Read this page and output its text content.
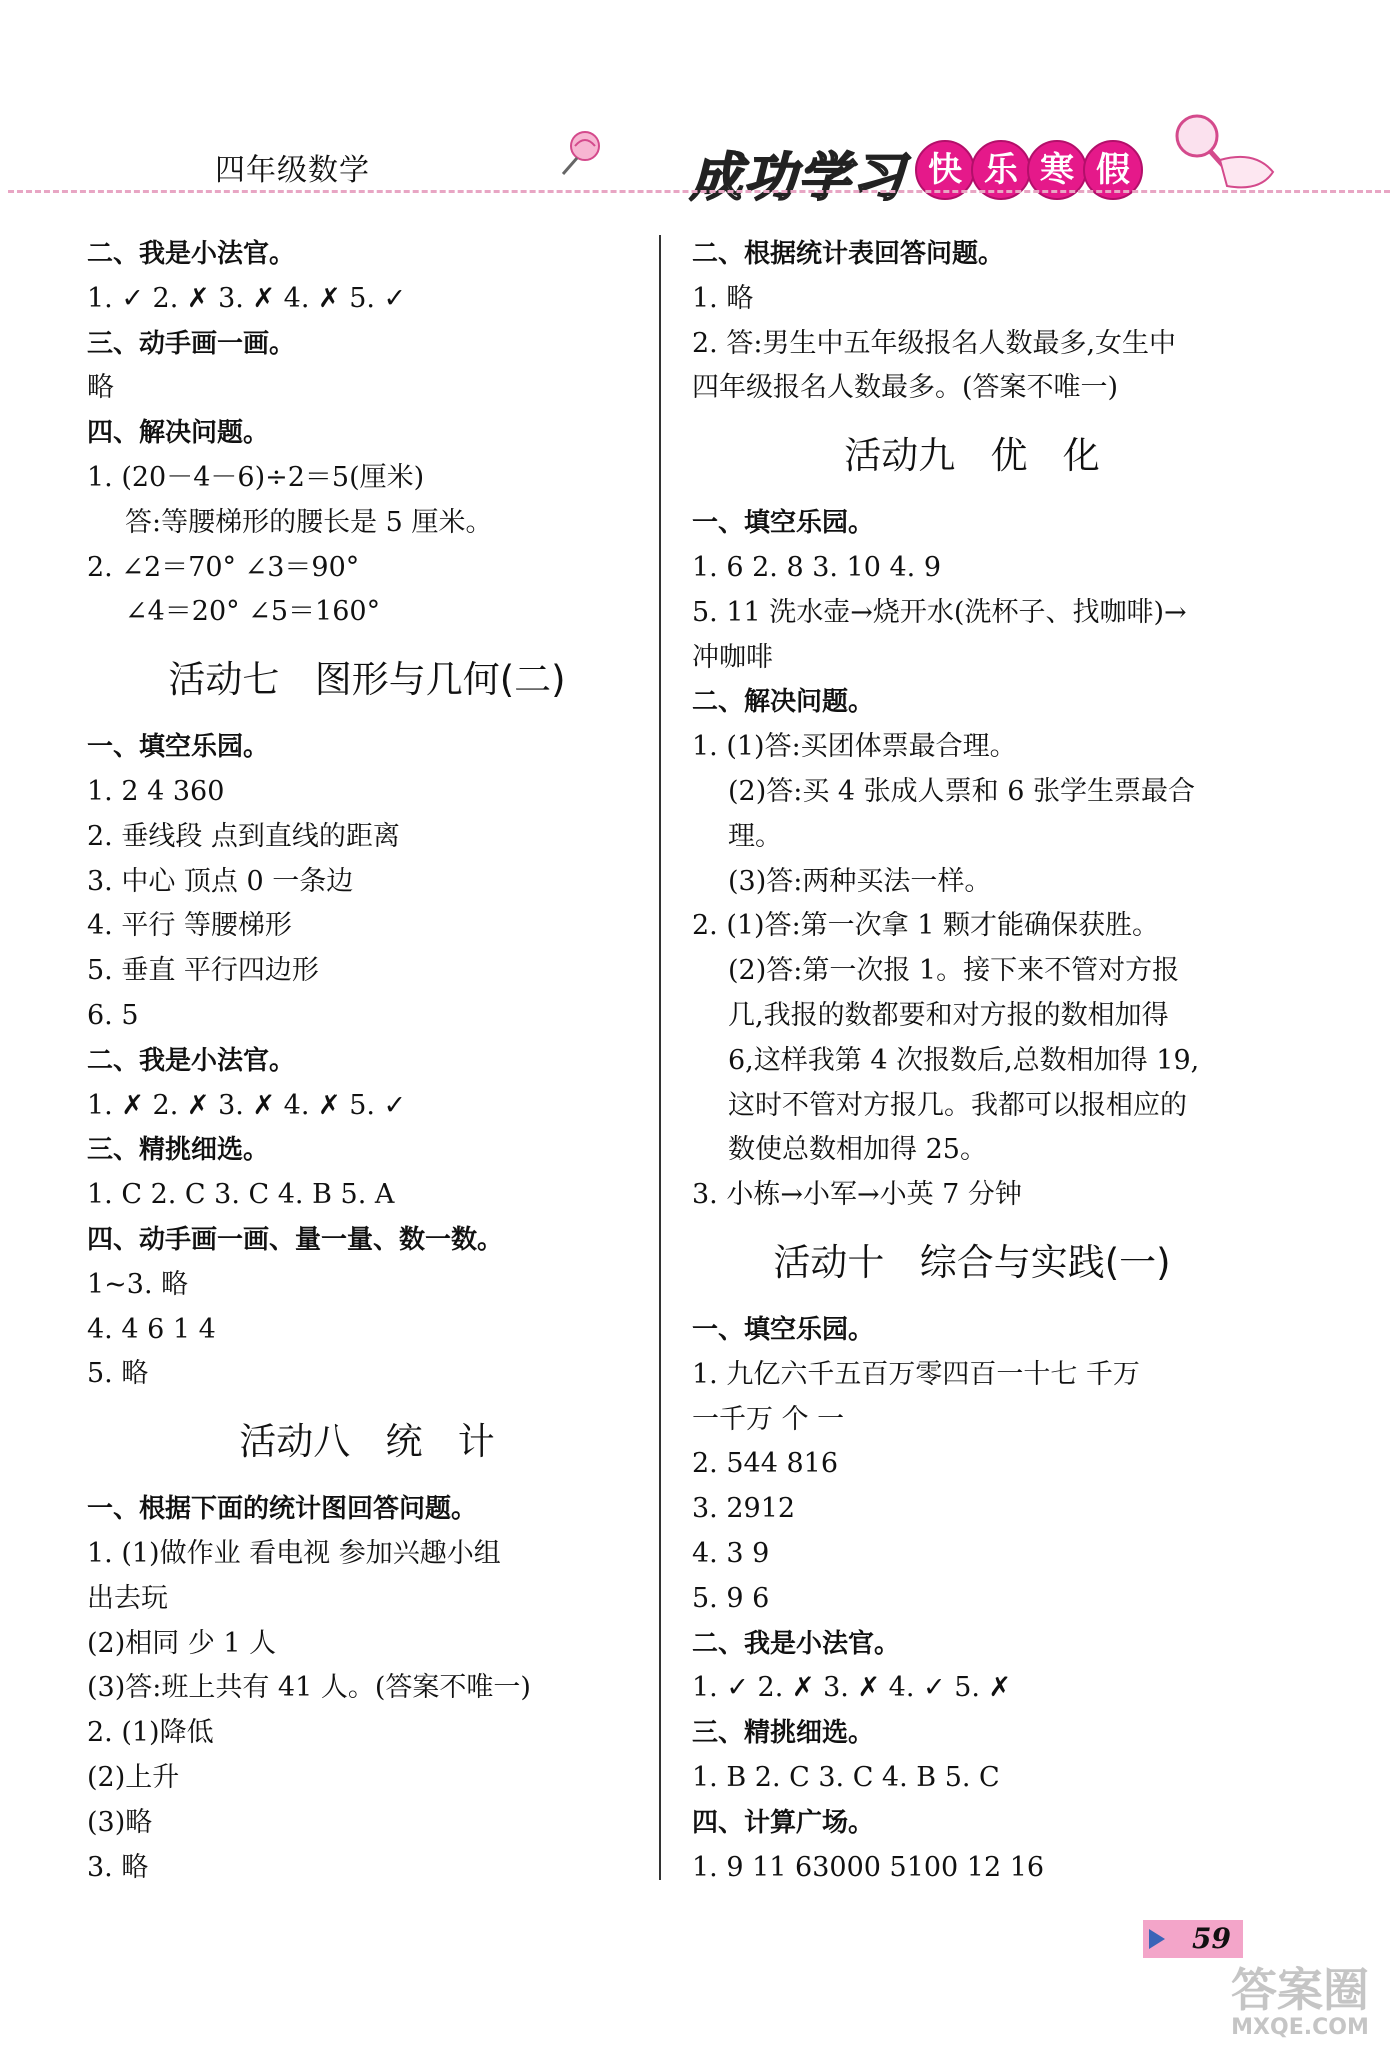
四年级数学	成功学习 快 乐 寒 假
二、我是小法官。
1. ✓ 2. ✗ 3. ✗ 4. ✗ 5. ✓
三、动手画一画。
略
四、解决问题。
1. (20－4－6)÷2＝5(厘米)
答:等腰梯形的腰长是 5 厘米。
2. ∠2＝70° ∠3＝90°
∠4＝20° ∠5＝160°
活动七   图形与几何(二)
一、填空乐园。
1. 2 4 360
2. 垂线段 点到直线的距离
3. 中心 顶点 0 一条边
4. 平行 等腰梯形
5. 垂直 平行四边形
6. 5
二、我是小法官。
1. ✗ 2. ✗ 3. ✗ 4. ✗ 5. ✓
三、精挑细选。
1. C 2. C 3. C 4. B 5. A
四、动手画一画、量一量、数一数。
1~3. 略
4. 4 6 1 4
5. 略
活动八   统   计
一、根据下面的统计图回答问题。
1. (1)做作业 看电视 参加兴趣小组
出去玩
(2)相同 少 1 人
(3)答:班上共有 41 人。(答案不唯一)
2. (1)降低
(2)上升
(3)略
3. 略
二、根据统计表回答问题。
1. 略
2. 答:男生中五年级报名人数最多,女生中
四年级报名人数最多。(答案不唯一)
活动九   优   化
一、填空乐园。
1. 6 2. 8 3. 10 4. 9
5. 11 洗水壶→烧开水(洗杯子、找咖啡)→
冲咖啡
二、解决问题。
1. (1)答:买团体票最合理。
(2)答:买 4 张成人票和 6 张学生票最合
理。
(3)答:两种买法一样。
2. (1)答:第一次拿 1 颗才能确保获胜。
(2)答:第一次报 1。接下来不管对方报
几,我报的数都要和对方报的数相加得
6,这样我第 4 次报数后,总数相加得 19,
这时不管对方报几。我都可以报相应的
数使总数相加得 25。
3. 小栋→小军→小英 7 分钟
活动十   综合与实践(一)
一、填空乐园。
1. 九亿六千五百万零四百一十七 千万
一千万 个 一
2. 544 816
3. 2912
4. 3 9
5. 9 6
二、我是小法官。
1. ✓ 2. ✗ 3. ✗ 4. ✓ 5. ✗
三、精挑细选。
1. B 2. C 3. C 4. B 5. C
四、计算广场。
1. 9 11 63000 5100 12 16
59
答案圈
MXQE.COM
